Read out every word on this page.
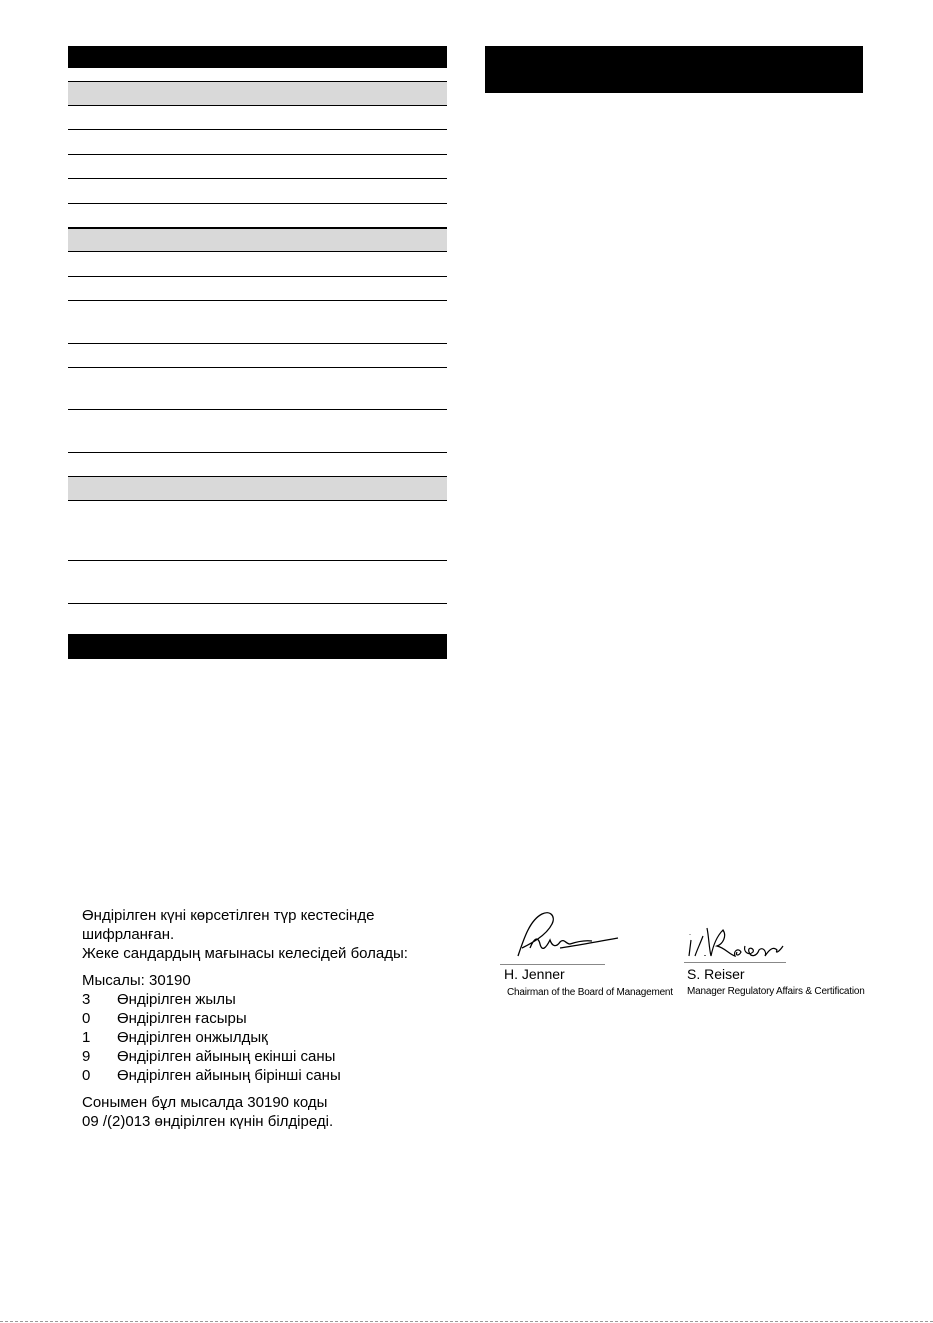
Өндірілген күні көрсетілген түр кестесінде
шифрланған.
Жеке сандардың мағынасы келесідей болады:
Мысалы: 30190
3	Өндірілген жылы
0	Өндірілген ғасыры
1	Өндірілген онжылдық
9	Өндірілген айының екінші саны
0	Өндірілген айының бірінші саны
Сонымен бұл мысалда 30190 коды
09 /(2)013 өндірілген күнін білдіреді.
H. Jenner
Chairman of the Board of Management
S. Reiser
Manager Regulatory Affairs & Certification
